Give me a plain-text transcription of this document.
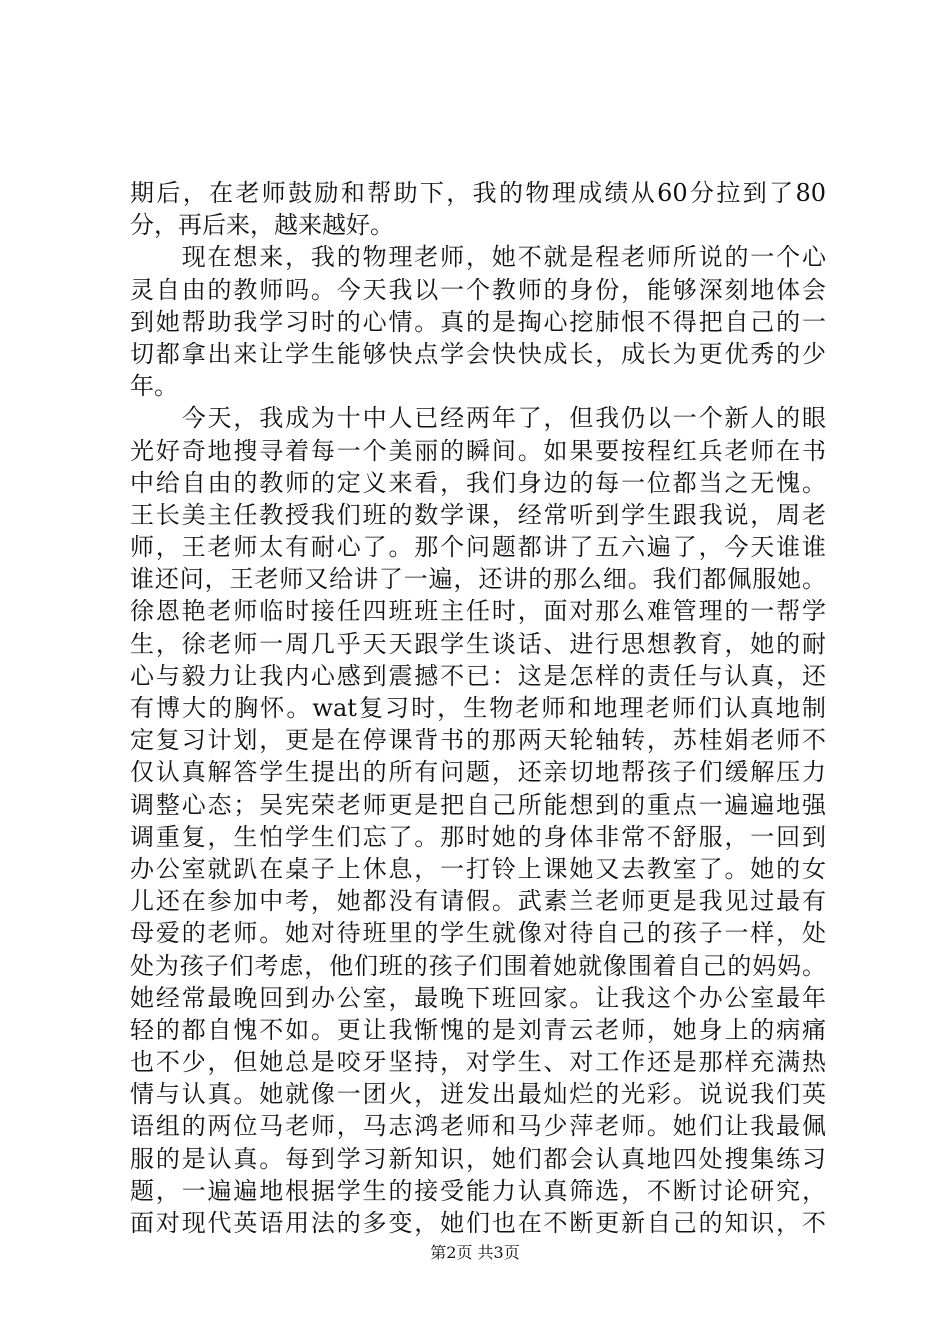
期后，在老师鼓励和帮助下，我的物理成绩从60分拉到了80
分，再后来，越来越好。
　　现在想来，我的物理老师，她不就是程老师所说的一个心
灵自由的教师吗。今天我以一个教师的身份，能够深刻地体会
到她帮助我学习时的心情。真的是掏心挖肺恨不得把自己的一
切都拿出来让学生能够快点学会快快成长，成长为更优秀的少
年。
　　今天，我成为十中人已经两年了，但我仍以一个新人的眼
光好奇地搜寻着每一个美丽的瞬间。如果要按程红兵老师在书
中给自由的教师的定义来看，我们身边的每一位都当之无愧。
王长美主任教授我们班的数学课，经常听到学生跟我说，周老
师，王老师太有耐心了。那个问题都讲了五六遍了，今天谁谁
谁还问，王老师又给讲了一遍，还讲的那么细。我们都佩服她。
徐恩艳老师临时接任四班班主任时，面对那么难管理的一帮学
生，徐老师一周几乎天天跟学生谈话、进行思想教育，她的耐
心与毅力让我内心感到震撼不已：这是怎样的责任与认真，还
有博大的胸怀。wat复习时，生物老师和地理老师们认真地制
定复习计划，更是在停课背书的那两天轮轴转，苏桂娟老师不
仅认真解答学生提出的所有问题，还亲切地帮孩子们缓解压力
调整心态；吴宪荣老师更是把自己所能想到的重点一遍遍地强
调重复，生怕学生们忘了。那时她的身体非常不舒服，一回到
办公室就趴在桌子上休息，一打铃上课她又去教室了。她的女
儿还在参加中考，她都没有请假。武素兰老师更是我见过最有
母爱的老师。她对待班里的学生就像对待自己的孩子一样，处
处为孩子们考虑，他们班的孩子们围着她就像围着自己的妈妈。
她经常最晚回到办公室，最晚下班回家。让我这个办公室最年
轻的都自愧不如。更让我惭愧的是刘青云老师，她身上的病痛
也不少，但她总是咬牙坚持，对学生、对工作还是那样充满热
情与认真。她就像一团火，迸发出最灿烂的光彩。说说我们英
语组的两位马老师，马志鸿老师和马少萍老师。她们让我最佩
服的是认真。每到学习新知识，她们都会认真地四处搜集练习
题，一遍遍地根据学生的接受能力认真筛选，不断讨论研究，
面对现代英语用法的多变，她们也在不断更新自己的知识，不
第2页 共3页
